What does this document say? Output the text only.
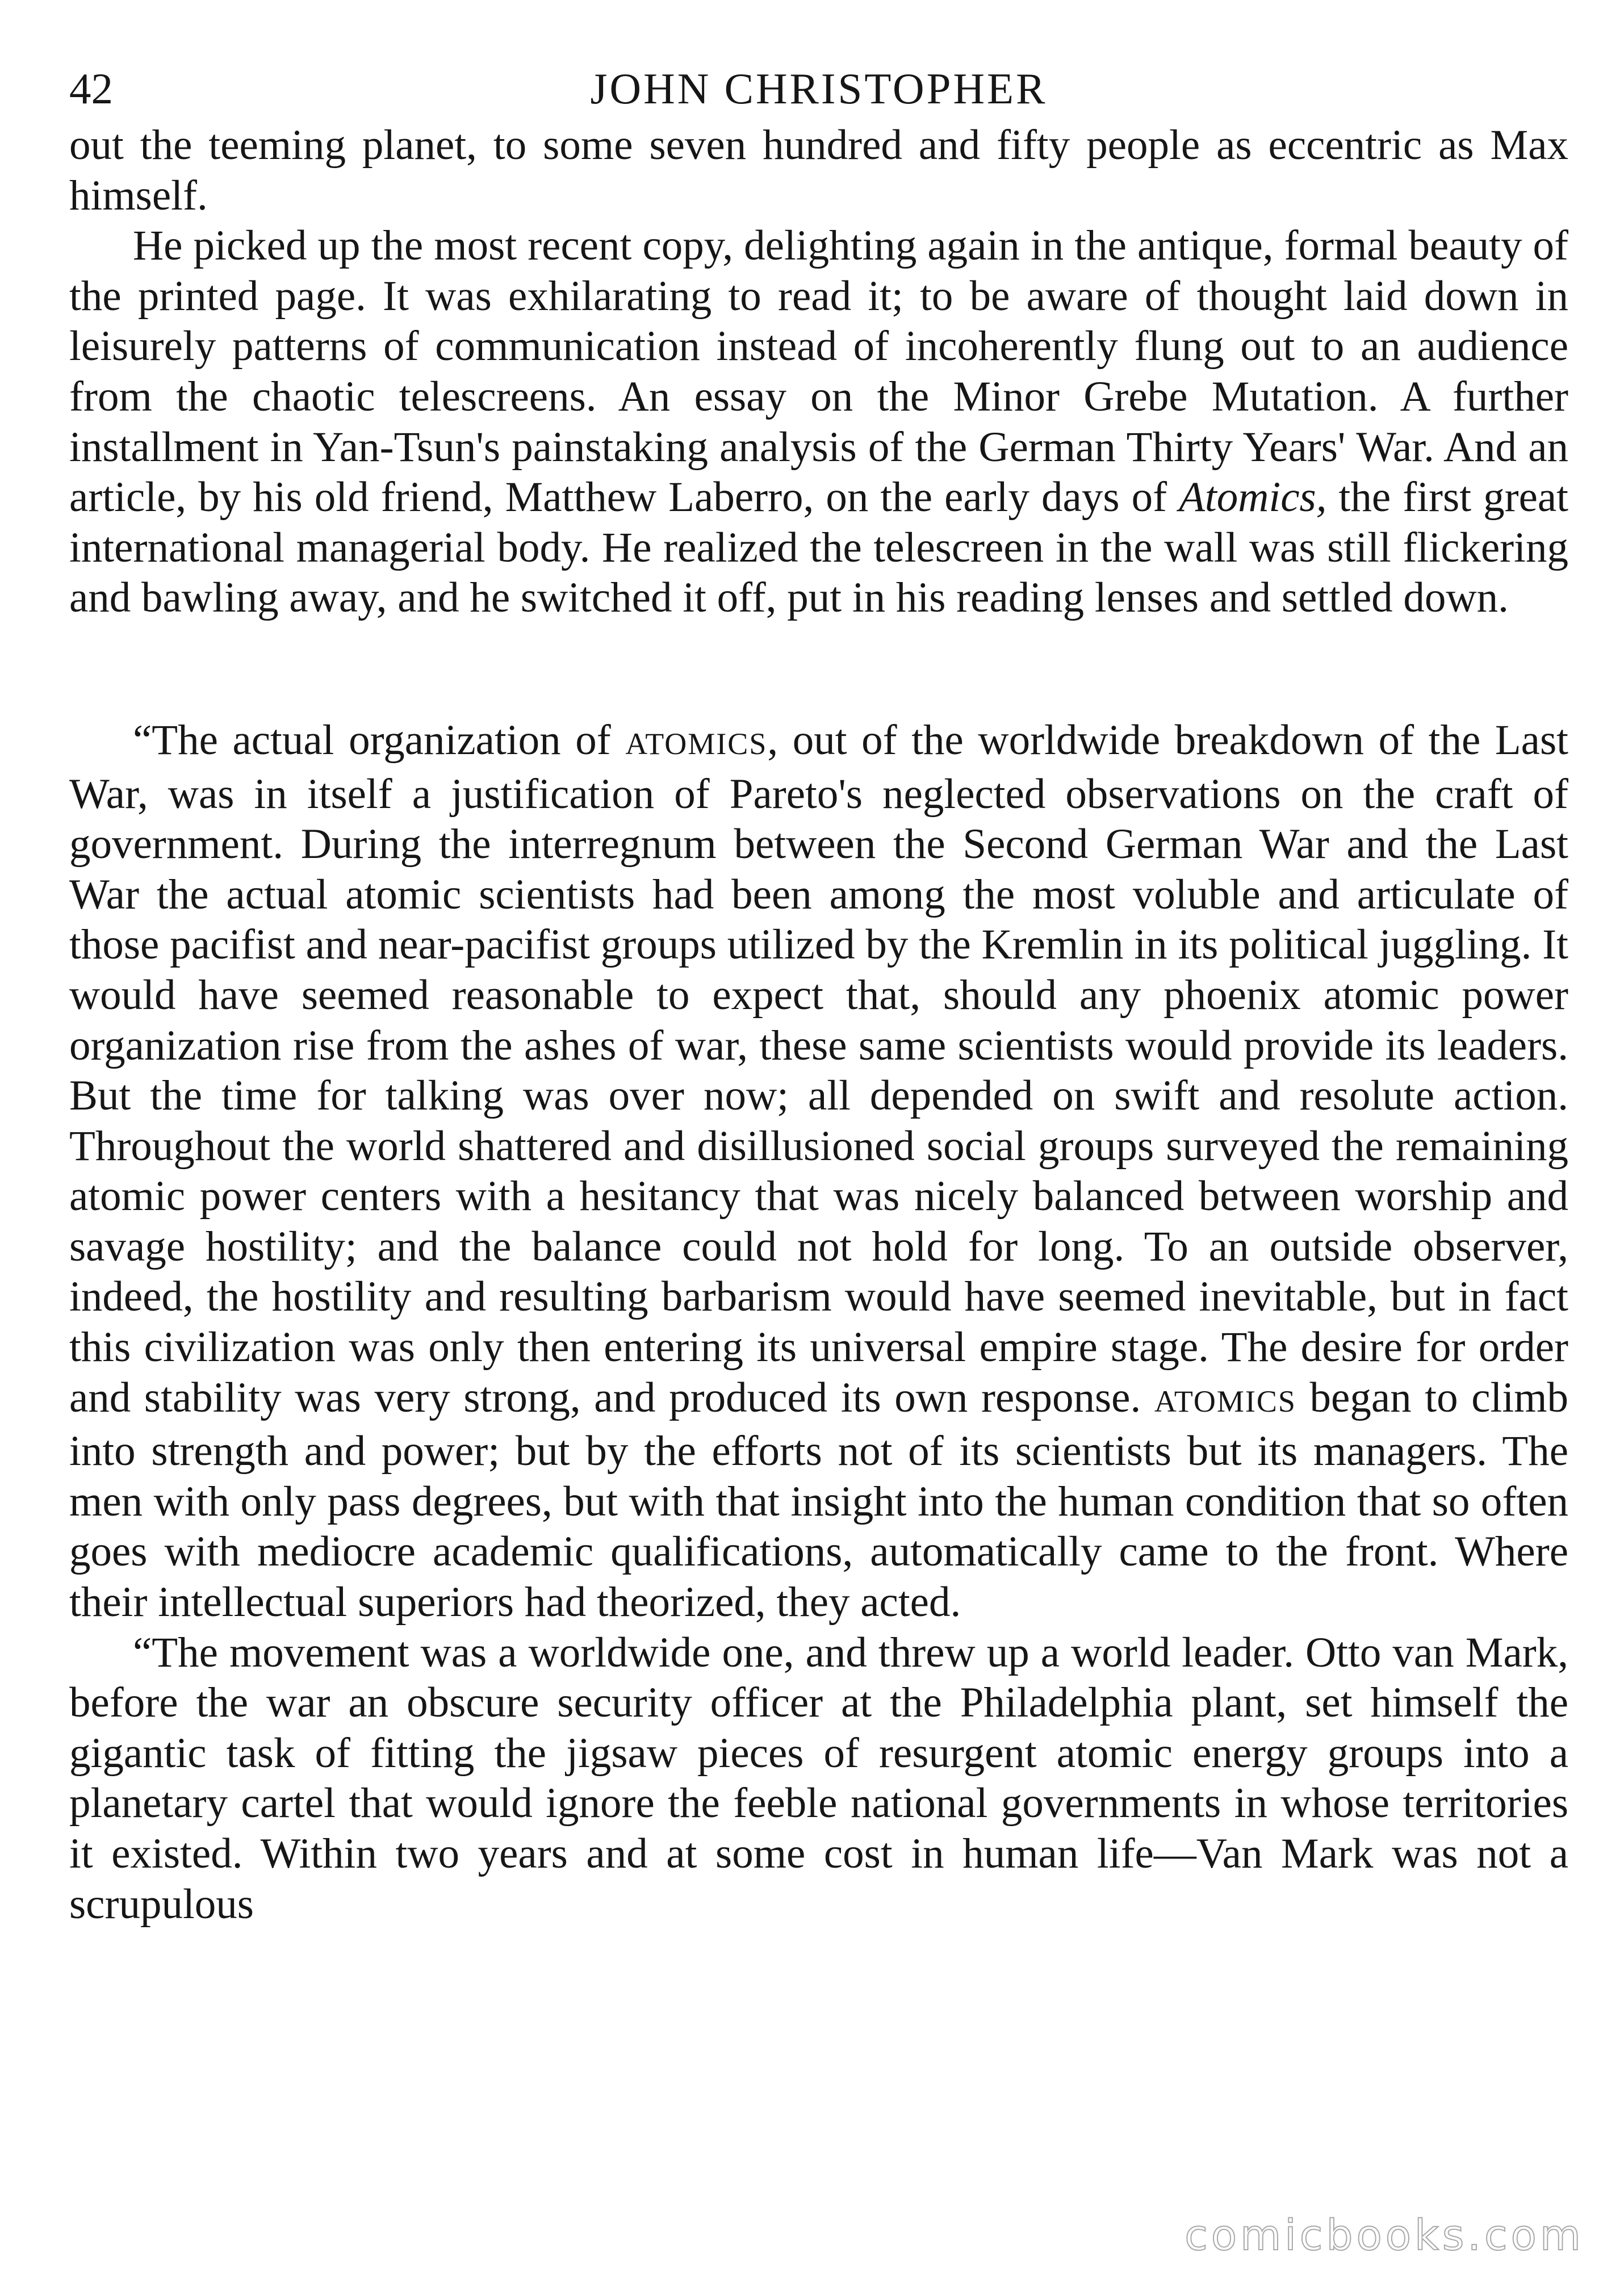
42	JOHN CHRISTOPHER

out the teeming planet, to some seven hundred and fifty people as eccentric as Max himself.

He picked up the most recent copy, delighting again in the antique, formal beauty of the printed page. It was exhilarating to read it; to be aware of thought laid down in leisurely patterns of communication instead of incoherently flung out to an audience from the chaotic telescreens. An essay on the Minor Grebe Mutation. A further installment in Yan-Tsun's painstaking analysis of the German Thirty Years' War. And an article, by his old friend, Matthew Laberro, on the early days of Atomics, the first great international managerial body. He realized the telescreen in the wall was still flickering and bawling away, and he switched it off, put in his reading lenses and settled down.

“The actual organization of ATOMICS, out of the worldwide breakdown of the Last War, was in itself a justification of Pareto's neglected observations on the craft of government. During the interregnum between the Second German War and the Last War the actual atomic scientists had been among the most voluble and articulate of those pacifist and near-pacifist groups utilized by the Kremlin in its political juggling. It would have seemed reasonable to expect that, should any phoenix atomic power organization rise from the ashes of war, these same scientists would provide its leaders. But the time for talking was over now; all depended on swift and resolute action. Throughout the world shattered and disillusioned social groups surveyed the remaining atomic power centers with a hesitancy that was nicely balanced between worship and savage hostility; and the balance could not hold for long. To an outside observer, indeed, the hostility and resulting barbarism would have seemed inevitable, but in fact this civilization was only then entering its universal empire stage. The desire for order and stability was very strong, and produced its own response. ATOMICS began to climb into strength and power; but by the efforts not of its scientists but its managers. The men with only pass degrees, but with that insight into the human condition that so often goes with mediocre academic qualifications, automatically came to the front. Where their intellectual superiors had theorized, they acted.

“The movement was a worldwide one, and threw up a world leader. Otto van Mark, before the war an obscure security officer at the Philadelphia plant, set himself the gigantic task of fitting the jigsaw pieces of resurgent atomic energy groups into a planetary cartel that would ignore the feeble national governments in whose territories it existed. Within two years and at some cost in human life—Van Mark was not a scrupulous

comicbooks.com
